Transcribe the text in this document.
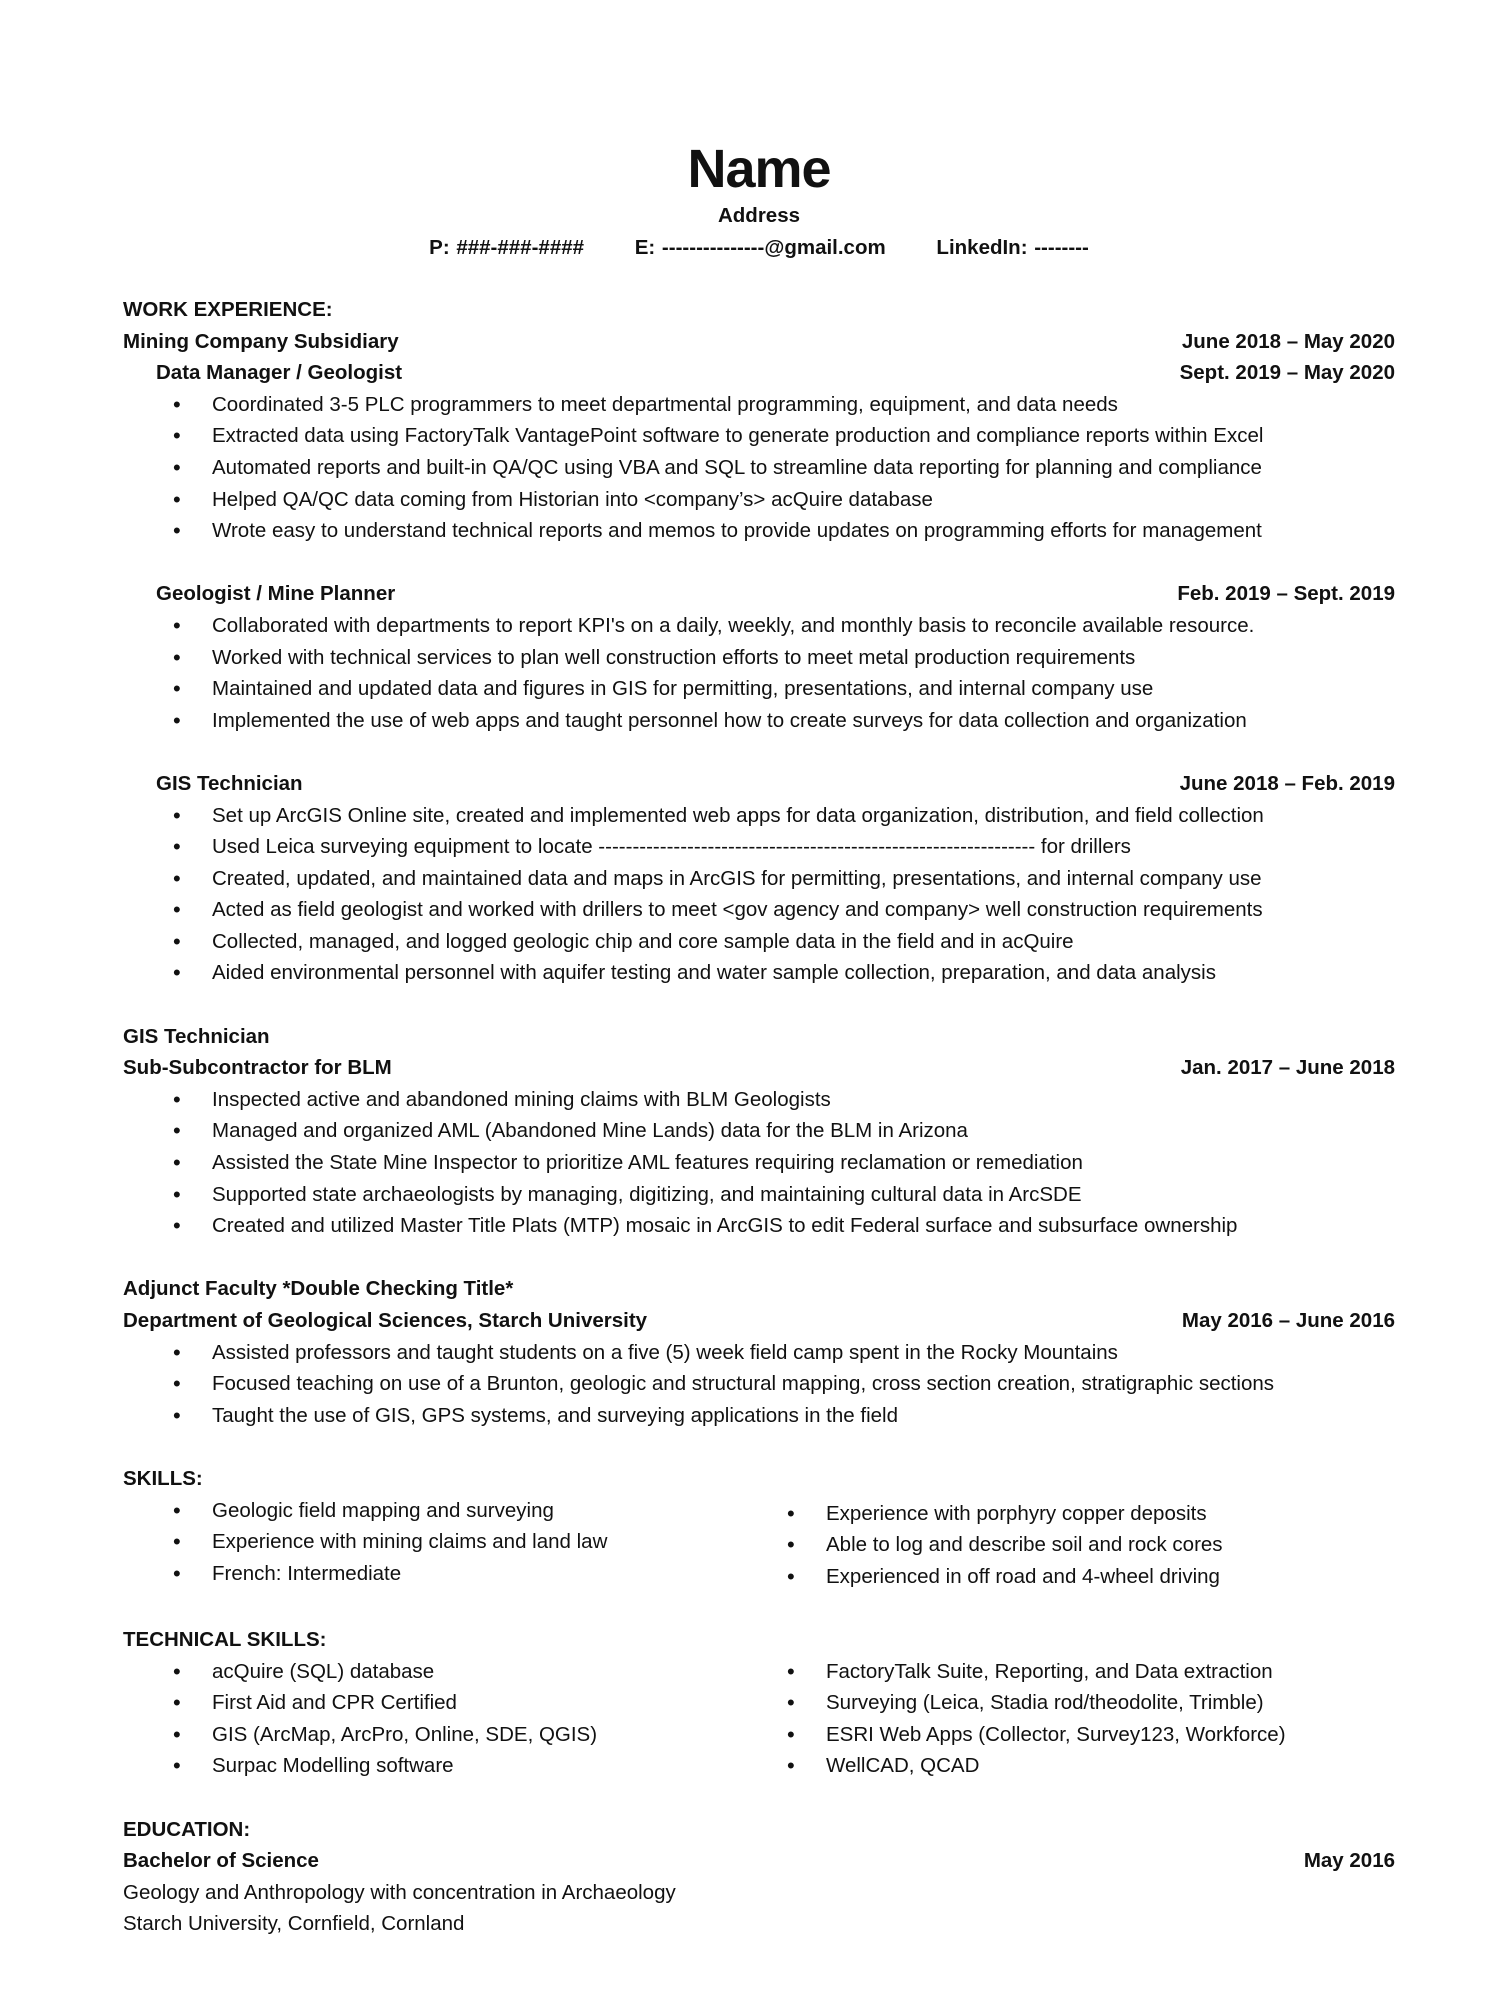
Name
Address
P: ###-###-#### E: ---------------@gmail.com LinkedIn: --------
WORK EXPERIENCE:
Mining Company Subsidiary	June 2018 – May 2020
Data Manager / Geologist	Sept. 2019 – May 2020
• Coordinated 3-5 PLC programmers to meet departmental programming, equipment, and data needs
• Extracted data using FactoryTalk VantagePoint software to generate production and compliance reports within Excel
• Automated reports and built-in QA/QC using VBA and SQL to streamline data reporting for planning and compliance
• Helped QA/QC data coming from Historian into <company’s> acQuire database
• Wrote easy to understand technical reports and memos to provide updates on programming efforts for management
Geologist / Mine Planner	Feb. 2019 – Sept. 2019
• Collaborated with departments to report KPI's on a daily, weekly, and monthly basis to reconcile available resource.
• Worked with technical services to plan well construction efforts to meet metal production requirements
• Maintained and updated data and figures in GIS for permitting, presentations, and internal company use
• Implemented the use of web apps and taught personnel how to create surveys for data collection and organization
GIS Technician	June 2018 – Feb. 2019
• Set up ArcGIS Online site, created and implemented web apps for data organization, distribution, and field collection
• Used Leica surveying equipment to locate ---------------------------------------------------------------- for drillers
• Created, updated, and maintained data and maps in ArcGIS for permitting, presentations, and internal company use
• Acted as field geologist and worked with drillers to meet <gov agency and company> well construction requirements
• Collected, managed, and logged geologic chip and core sample data in the field and in acQuire
• Aided environmental personnel with aquifer testing and water sample collection, preparation, and data analysis
GIS Technician
Sub-Subcontractor for BLM	Jan. 2017 – June 2018
• Inspected active and abandoned mining claims with BLM Geologists
• Managed and organized AML (Abandoned Mine Lands) data for the BLM in Arizona
• Assisted the State Mine Inspector to prioritize AML features requiring reclamation or remediation
• Supported state archaeologists by managing, digitizing, and maintaining cultural data in ArcSDE
• Created and utilized Master Title Plats (MTP) mosaic in ArcGIS to edit Federal surface and subsurface ownership
Adjunct Faculty *Double Checking Title*
Department of Geological Sciences, Starch University	May 2016 – June 2016
• Assisted professors and taught students on a five (5) week field camp spent in the Rocky Mountains
• Focused teaching on use of a Brunton, geologic and structural mapping, cross section creation, stratigraphic sections
• Taught the use of GIS, GPS systems, and surveying applications in the field
SKILLS:
• Geologic field mapping and surveying
• Experience with mining claims and land law
• French: Intermediate
• Experience with porphyry copper deposits
• Able to log and describe soil and rock cores
• Experienced in off road and 4-wheel driving
TECHNICAL SKILLS:
• acQuire (SQL) database
• First Aid and CPR Certified
• GIS (ArcMap, ArcPro, Online, SDE, QGIS)
• Surpac Modelling software
• FactoryTalk Suite, Reporting, and Data extraction
• Surveying (Leica, Stadia rod/theodolite, Trimble)
• ESRI Web Apps (Collector, Survey123, Workforce)
• WellCAD, QCAD
EDUCATION:
Bachelor of Science	May 2016
Geology and Anthropology with concentration in Archaeology
Starch University, Cornfield, Cornland
